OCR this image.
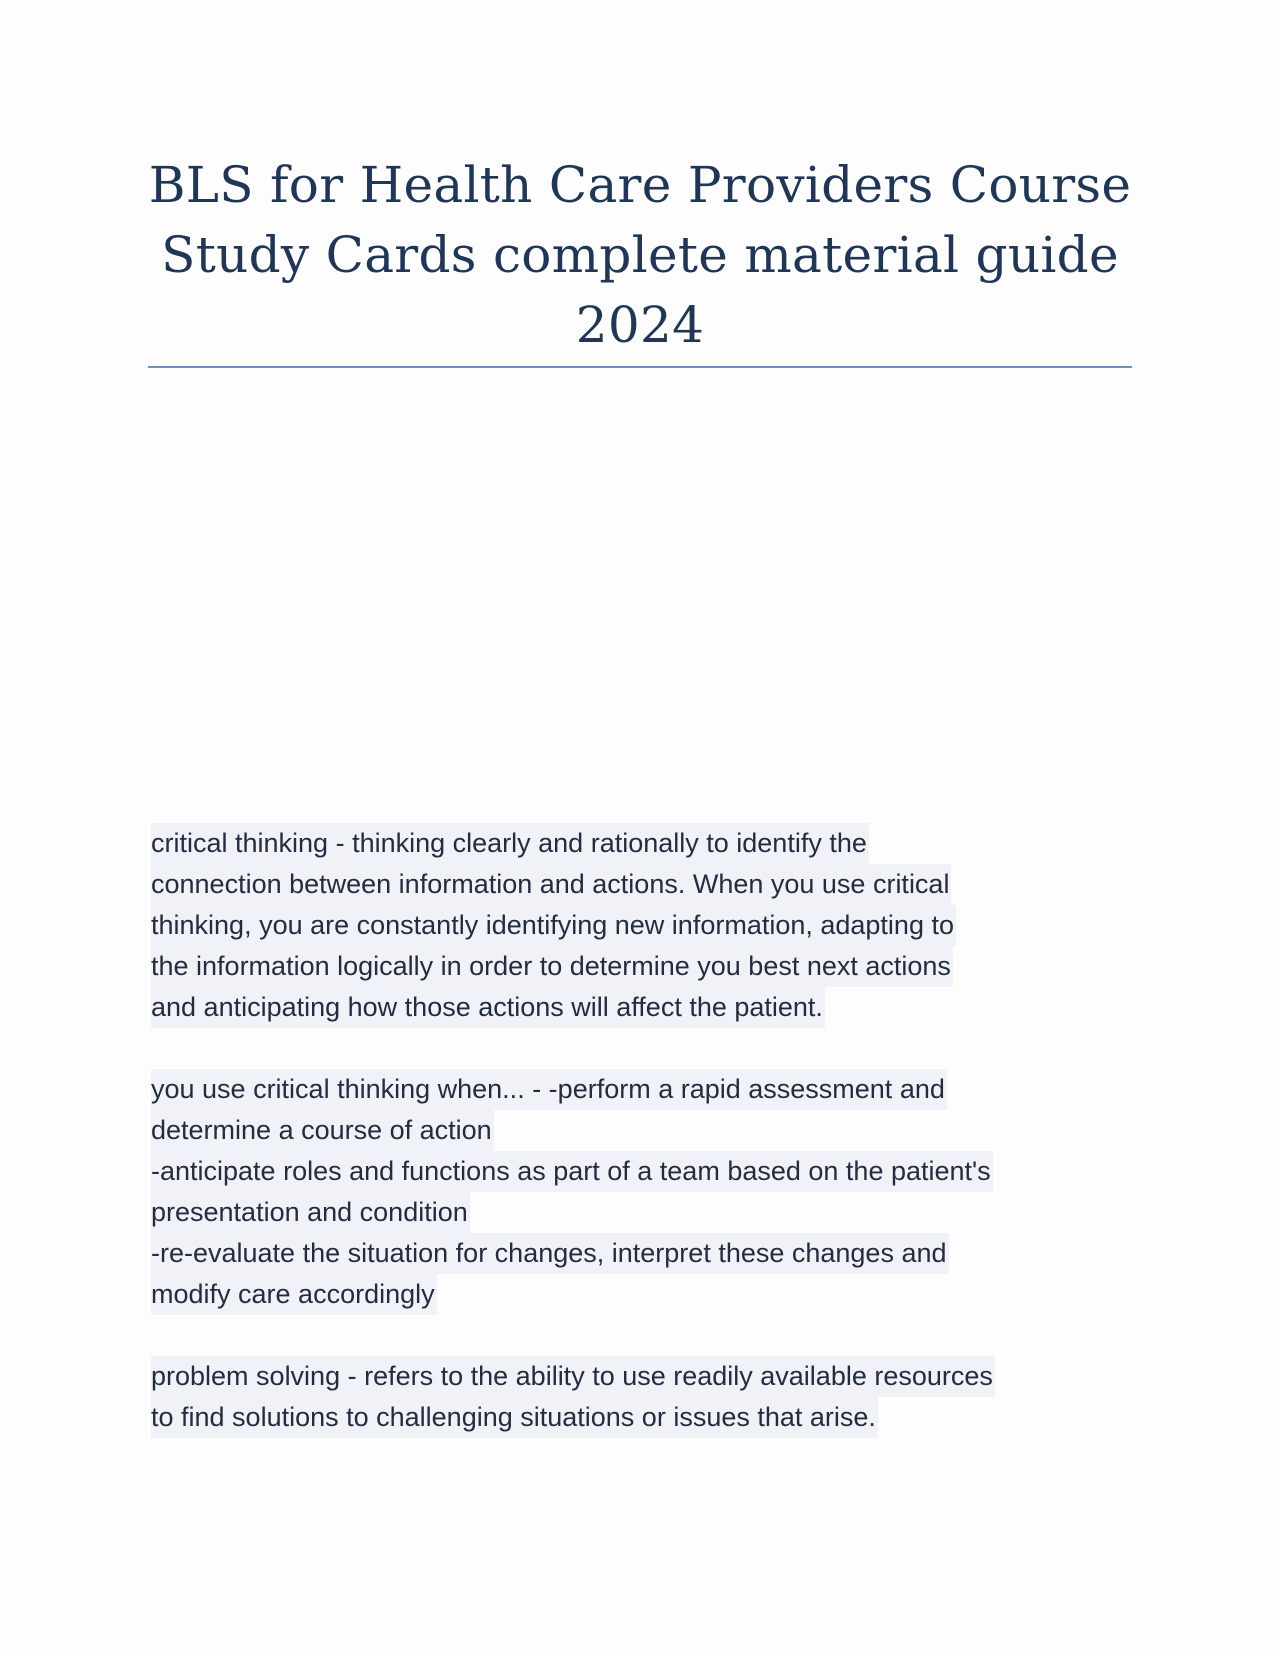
BLS for Health Care Providers Course
Study Cards complete material guide
2024
critical thinking - thinking clearly and rationally to identify the
connection between information and actions. When you use critical
thinking, you are constantly identifying new information, adapting to
the information logically in order to determine you best next actions
and anticipating how those actions will affect the patient.
you use critical thinking when... - -perform a rapid assessment and
determine a course of action
-anticipate roles and functions as part of a team based on the patient's
presentation and condition
-re-evaluate the situation for changes, interpret these changes and
modify care accordingly
problem solving - refers to the ability to use readily available resources
to find solutions to challenging situations or issues that arise.
